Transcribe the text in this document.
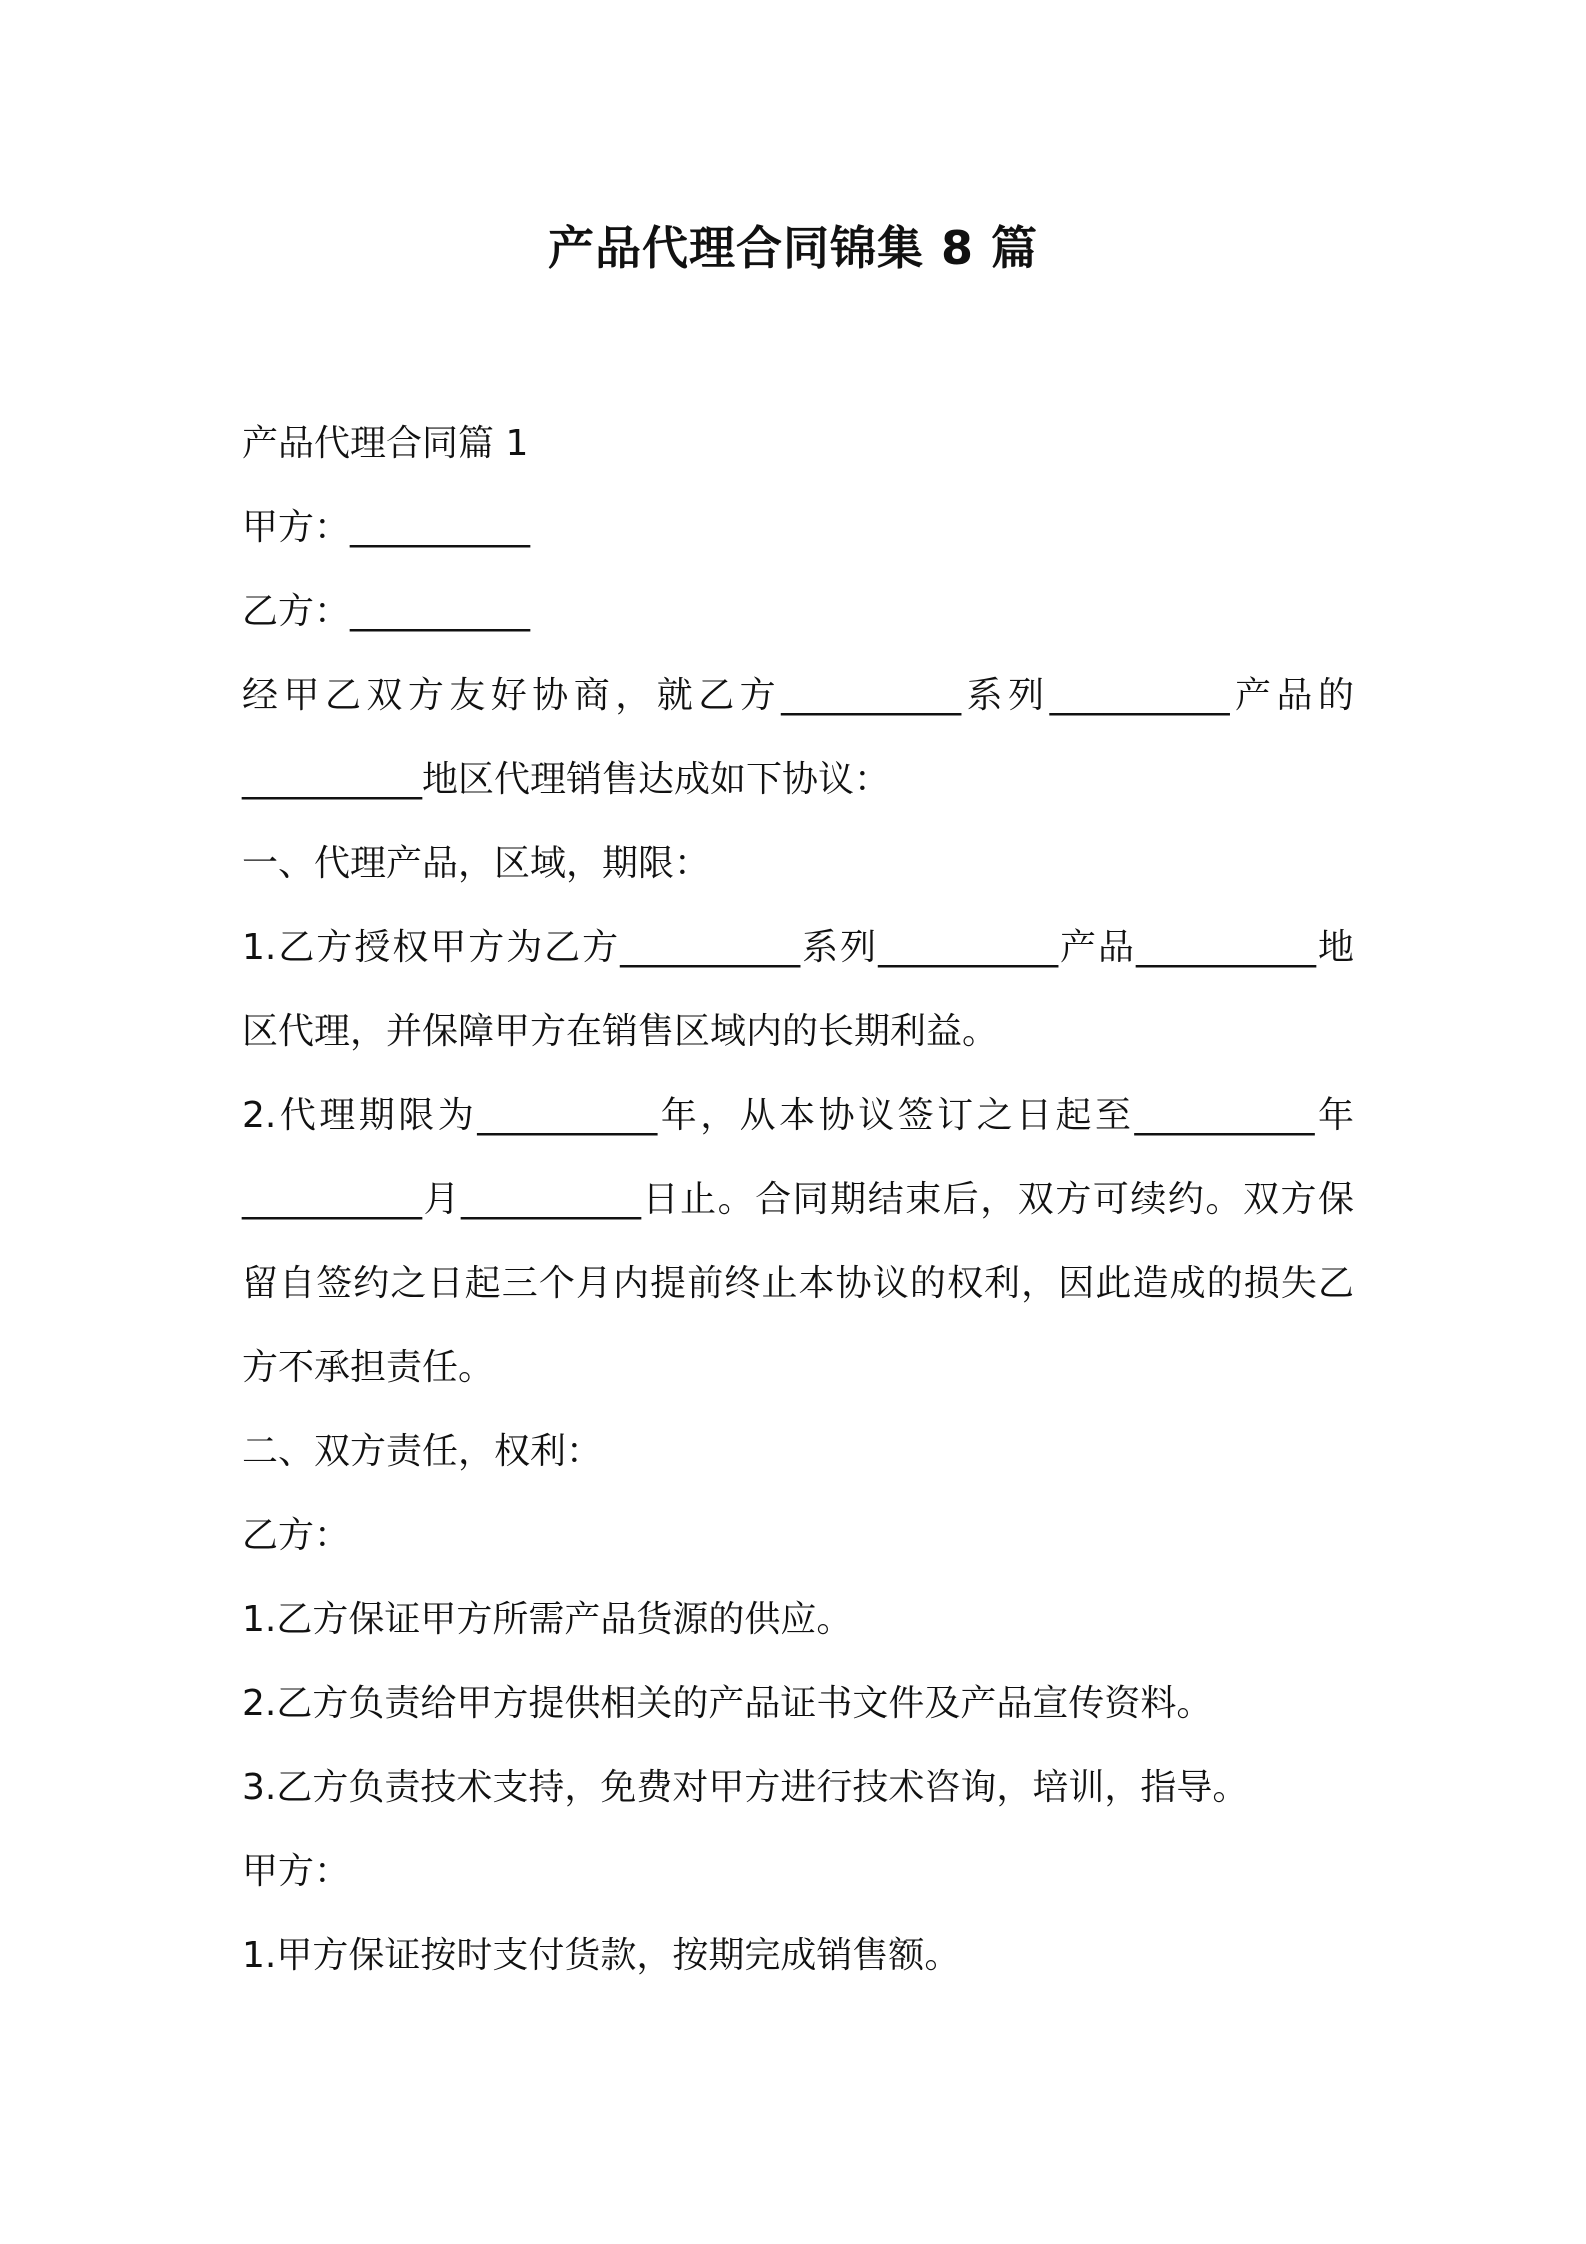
产品代理合同锦集 8 篇

产品代理合同篇 1

甲方：__________

乙方：__________

经甲乙双方友好协商，就乙方__________系列__________产品的__________地区代理销售达成如下协议：

一、代理产品，区域，期限：

1.乙方授权甲方为乙方__________系列__________产品__________地区代理，并保障甲方在销售区域内的长期利益。

2.代理期限为__________年，从本协议签订之日起至__________年__________月__________日止。合同期结束后，双方可续约。双方保留自签约之日起三个月内提前终止本协议的权利，因此造成的损失乙方不承担责任。

二、双方责任，权利：

乙方：

1.乙方保证甲方所需产品货源的供应。

2.乙方负责给甲方提供相关的产品证书文件及产品宣传资料。

3.乙方负责技术支持，免费对甲方进行技术咨询，培训，指导。

甲方：

1.甲方保证按时支付货款，按期完成销售额。
